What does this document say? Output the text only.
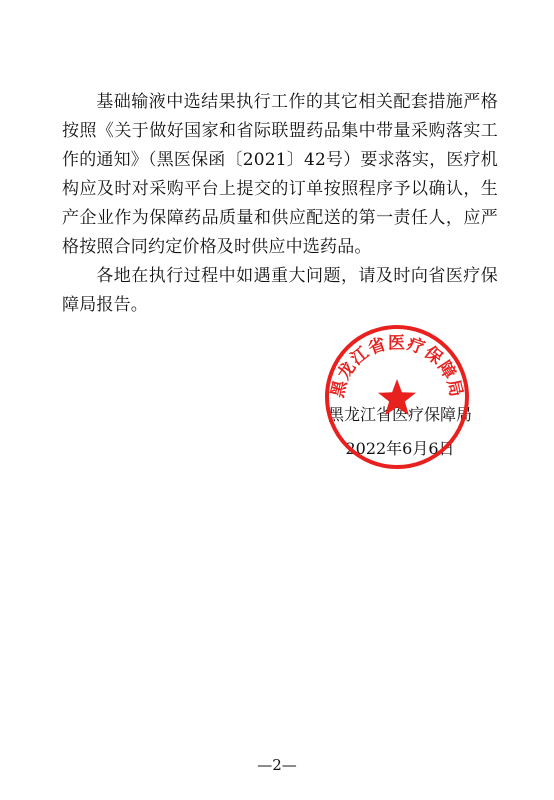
基础输液中选结果执行工作的其它相关配套措施严格按照《关于做好国家和省际联盟药品集中带量采购落实工作的通知》（黑医保函〔2021〕42号）要求落实，医疗机构应及时对采购平台上提交的订单按照程序予以确认，生产企业作为保障药品质量和供应配送的第一责任人，应严格按照合同约定价格及时供应中选药品。
各地在执行过程中如遇重大问题，请及时向省医疗保障局报告。
黑龙江省医疗保障局
2022年6月6日
黑龙江省医疗保障局
—2—
